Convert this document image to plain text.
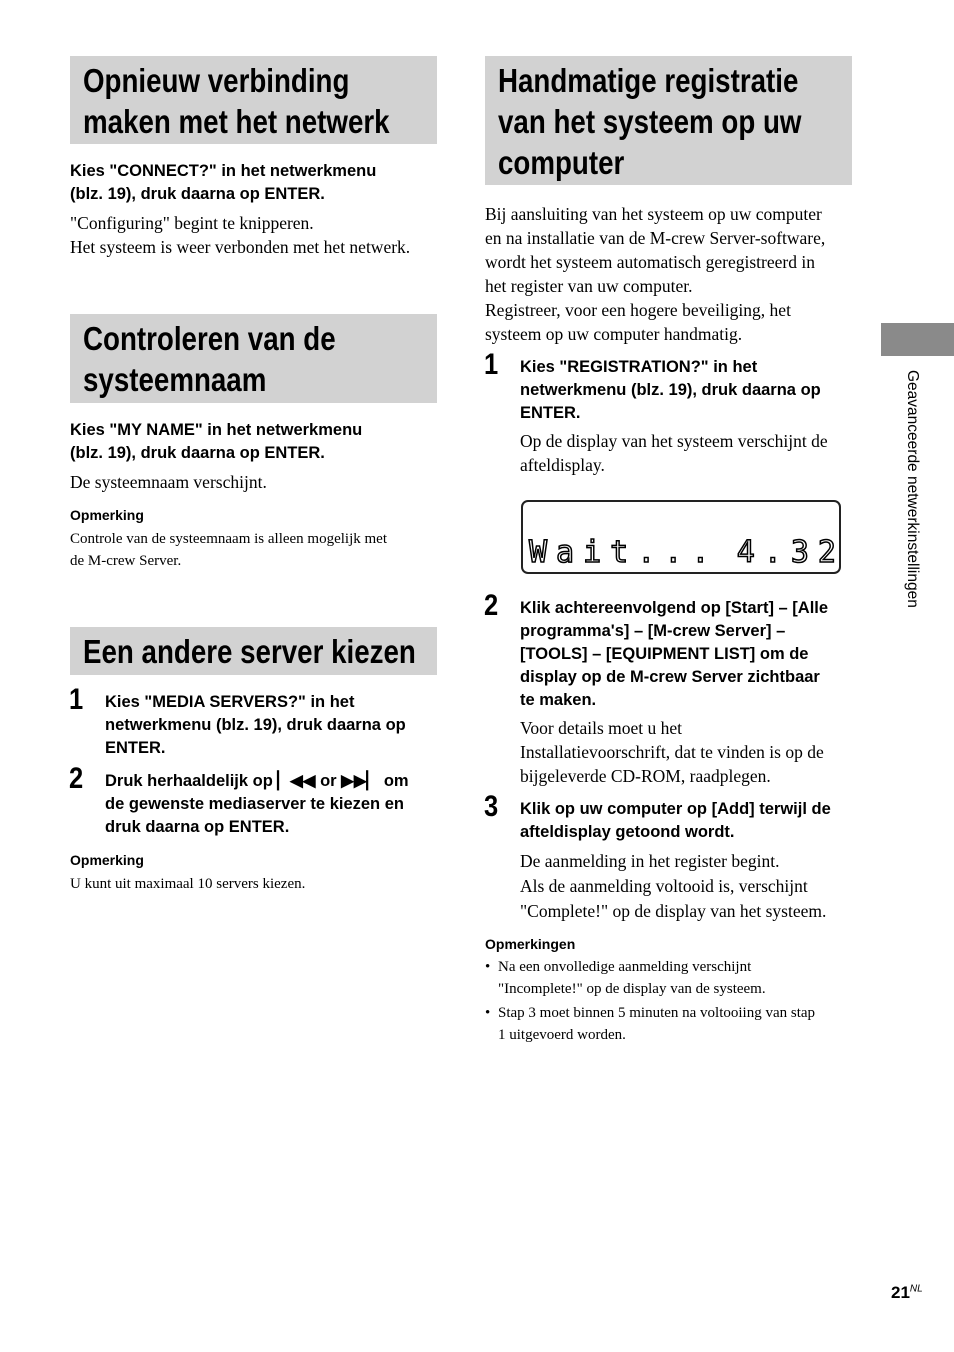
Opnieuw verbinding
maken met het netwerk
Kies "CONNECT?" in het netwerkmenu
(blz. 19), druk daarna op ENTER.
"Configuring" begint te knipperen.
Het systeem is weer verbonden met het netwerk.
Controleren van de
systeemnaam
Kies "MY NAME" in het netwerkmenu
(blz. 19), druk daarna op ENTER.
De systeemnaam verschijnt.
Opmerking
Controle van de systeemnaam is alleen mogelijk met
de M-crew Server.
Een andere server kiezen
1 Kies "MEDIA SERVERS?" in het
netwerkmenu (blz. 19), druk daarna op
ENTER.
2 Druk herhaaldelijk op ▏◀◀ or ▶▶▏ om
de gewenste mediaserver te kiezen en
druk daarna op ENTER.
Opmerking
U kunt uit maximaal 10 servers kiezen.
Handmatige registratie
van het systeem op uw
computer
Bij aansluiting van het systeem op uw computer
en na installatie van de M-crew Server-software,
wordt het systeem automatisch geregistreerd in
het register van uw computer.
Registreer, voor een hogere beveiliging, het
systeem op uw computer handmatig.
1 Kies "REGISTRATION?" in het
netwerkmenu (blz. 19), druk daarna op
ENTER.
Op de display van het systeem verschijnt de
afteldisplay.
Wait... 4.32
2 Klik achtereenvolgend op [Start] – [Alle
programma's] – [M-crew Server] –
[TOOLS] – [EQUIPMENT LIST] om de
display op de M-crew Server zichtbaar
te maken.
Voor details moet u het
Installatievoorschrift, dat te vinden is op de
bijgeleverde CD-ROM, raadplegen.
3 Klik op uw computer op [Add] terwijl de
afteldisplay getoond wordt.
De aanmelding in het register begint.
Als de aanmelding voltooid is, verschijnt
"Complete!" op de display van het systeem.
Opmerkingen
• Na een onvolledige aanmelding verschijnt
"Incomplete!" op de display van de systeem.
• Stap 3 moet binnen 5 minuten na voltooiing van stap
1 uitgevoerd worden.
Geavanceerde netwerkinstellingen
$21^{NL}$
